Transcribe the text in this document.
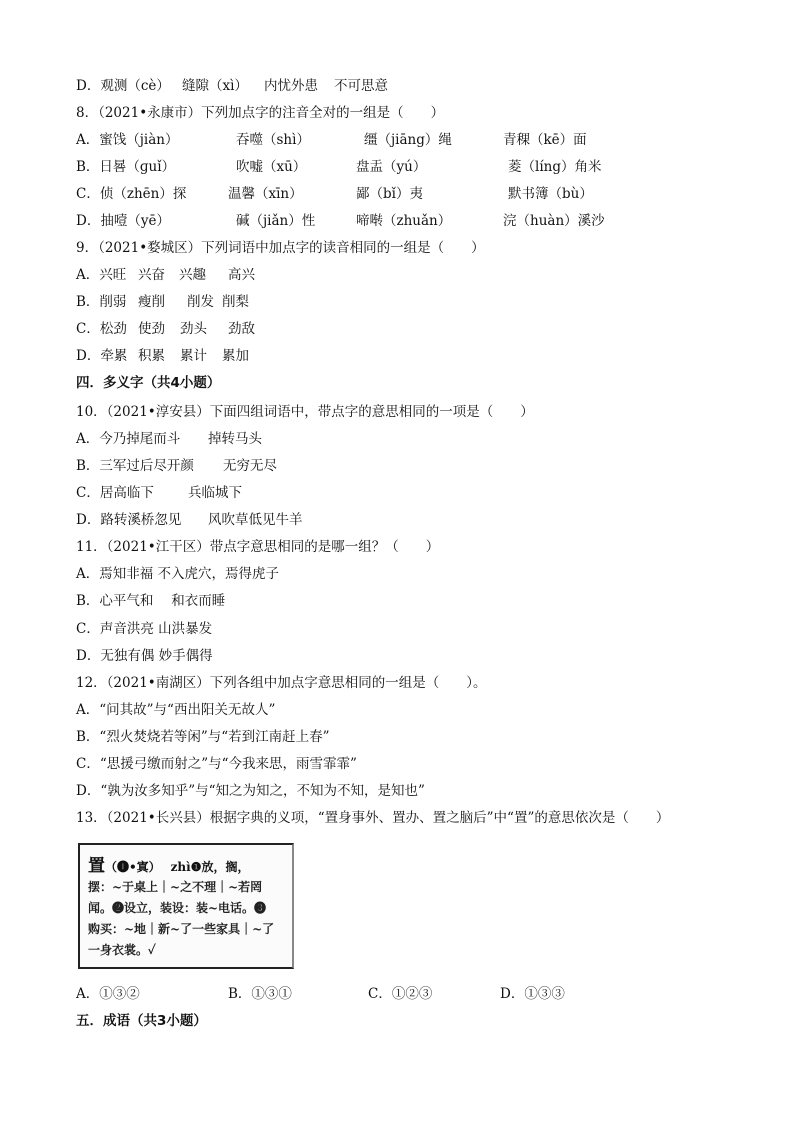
D．观测（cè） 缝隙（xì） 内忧外患 不可思意
8．（2021•永康市）下列加点字的注音全对的一组是（　　）
A．蜜饯（jiàn）	吞噬（shì）	缰（jiāng）绳	青稞（kē）面
B．日晷（ɡuǐ）	吹嘘（xū）	盘盂（yú）	菱（líng）角米
C．侦（zhēn）探	温馨（xīn）	鄙（bǐ）夷	默书簿（bù）
D．抽噎（yē）	碱（jiǎn）性	啼啭（zhuǎn）	浣（huàn）溪沙
9．（2021•婺城区）下列词语中加点字的读音相同的一组是（　　）
A．兴旺 兴奋 兴趣 高兴
B．削弱 瘦削 削发 削梨
C．松劲 使劲 劲头 劲敌
D．牵累 积累 累计 累加
四．多义字（共4小题）
10．（2021•淳安县）下面四组词语中，带点字的意思相同的一项是（　　）
A．今乃掉尾而斗 掉转马头
B．三军过后尽开颜 无穷无尽
C．居高临下	兵临城下
D．路转溪桥忽见 风吹草低见牛羊
11．（2021•江干区）带点字意思相同的是哪一组？（　　）
A．焉知非福 不入虎穴，焉得虎子
B．心平气和　 和衣而睡
C．声音洪亮 山洪暴发
D．无独有偶 妙手偶得
12．（2021•南湖区）下列各组中加点字意思相同的一组是（　　）。
A．“问其故”与“西出阳关无故人”
B．“烈火焚烧若等闲”与“若到江南赶上春”
C．“思援弓缴而射之”与“今我来思，雨雪霏霏”
D．“孰为汝多知乎”与“知之为知之，不知为不知，是知也”
13．（2021•长兴县）根据字典的义项，“置身事外、置办、置之脑后”中“置”的意思依次是（　　）
置（❶•寘） zhì❶放，搁，
摆：~于桌上｜~之不理｜~若罔
闻。❷设立，装设：装~电话。❸
购买：~地｜新~了一些家具｜~了
一身衣裳。✓
A．①③②	B．①③①	C．①②③	D．①③③
五．成语（共3小题）
